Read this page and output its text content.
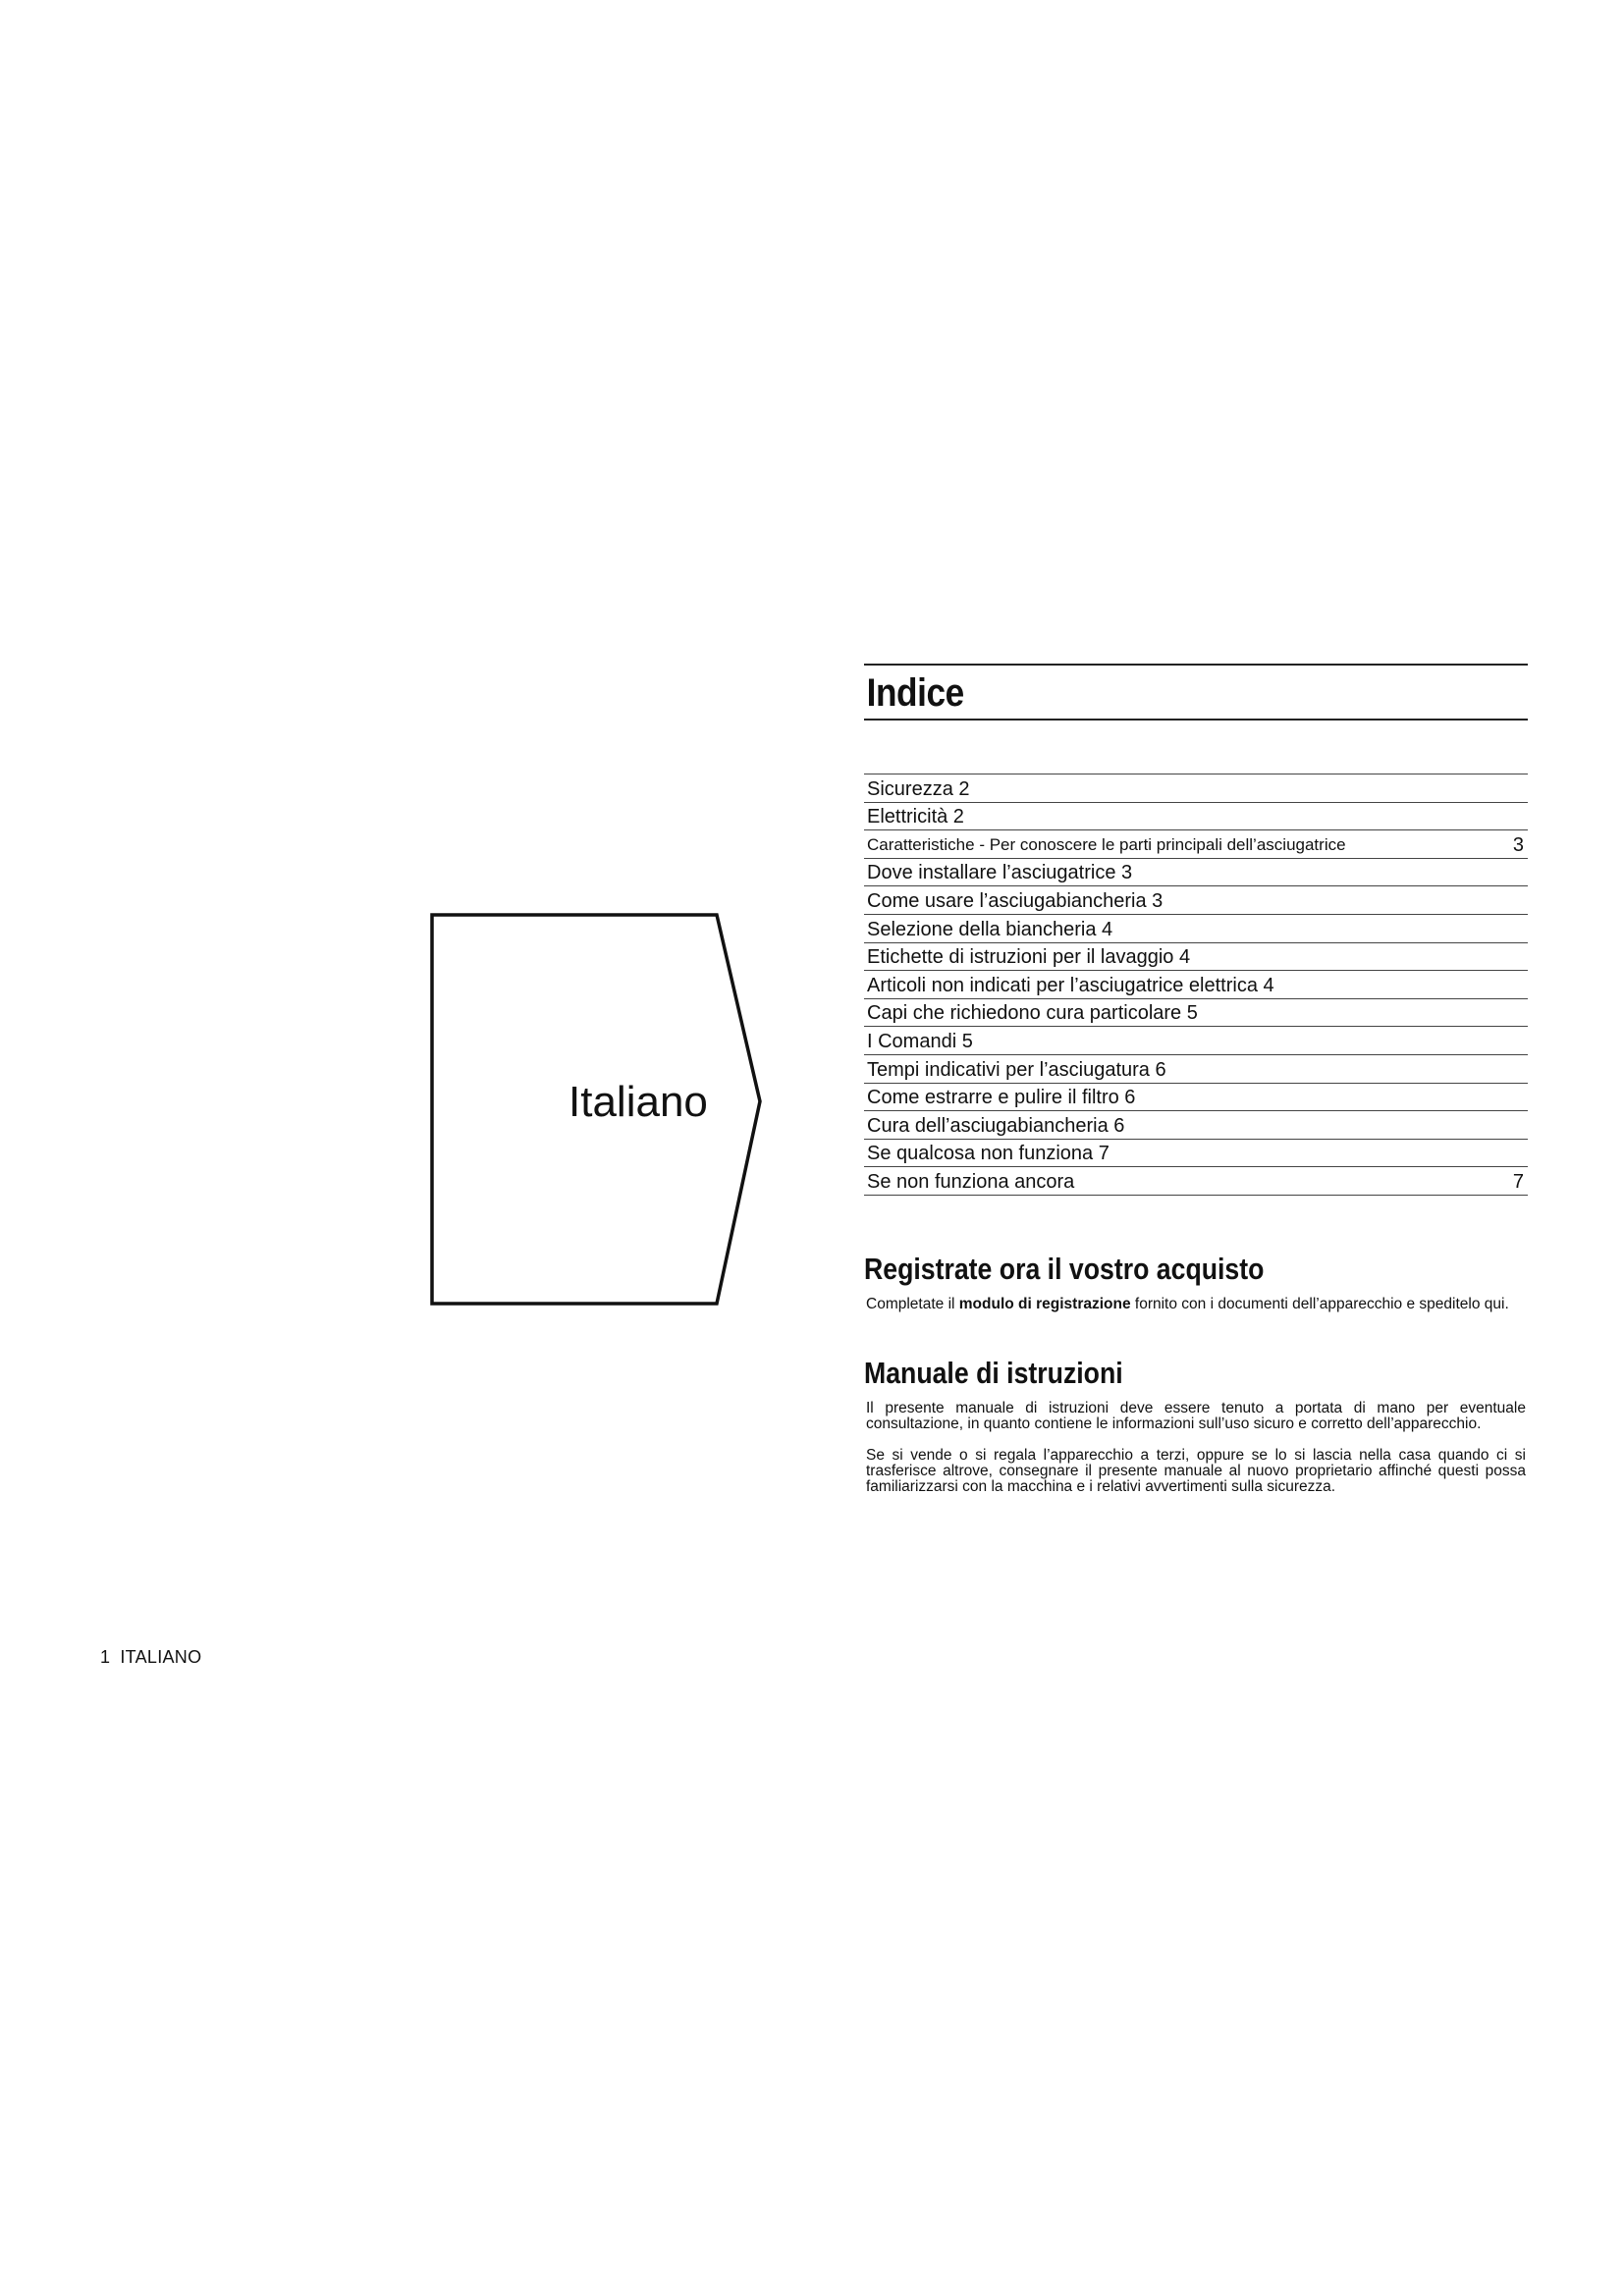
Italiano
Indice
Sicurezza 2
Elettricità 2
Caratteristiche - Per conoscere le parti principali dell’asciugatrice	3
Dove installare l’asciugatrice 3
Come usare l’asciugabiancheria 3
Selezione della biancheria 4
Etichette di istruzioni per il lavaggio 4
Articoli non indicati per l’asciugatrice elettrica 4
Capi che richiedono cura particolare 5
I Comandi 5
Tempi indicativi per l’asciugatura 6
Come estrarre e pulire il filtro 6
Cura dell’asciugabiancheria 6
Se qualcosa non funziona 7
Se non funziona ancora	7
Registrate ora il vostro acquisto

Completate il modulo di registrazione fornito con i documenti dell’apparecchio e speditelo qui.

Manuale di istruzioni

Il presente manuale di istruzioni deve essere tenuto a portata di mano per eventuale consultazione, in quanto contiene le informazioni sull’uso sicuro e corretto dell’apparecchio.

Se si vende o si regala l’apparecchio a terzi, oppure se lo si lascia nella casa quando ci si trasferisce altrove, consegnare il presente manuale al nuovo proprietario affinché questi possa familiarizzarsi con la macchina e i relativi avvertimenti sulla sicurezza.

1 ITALIANO
